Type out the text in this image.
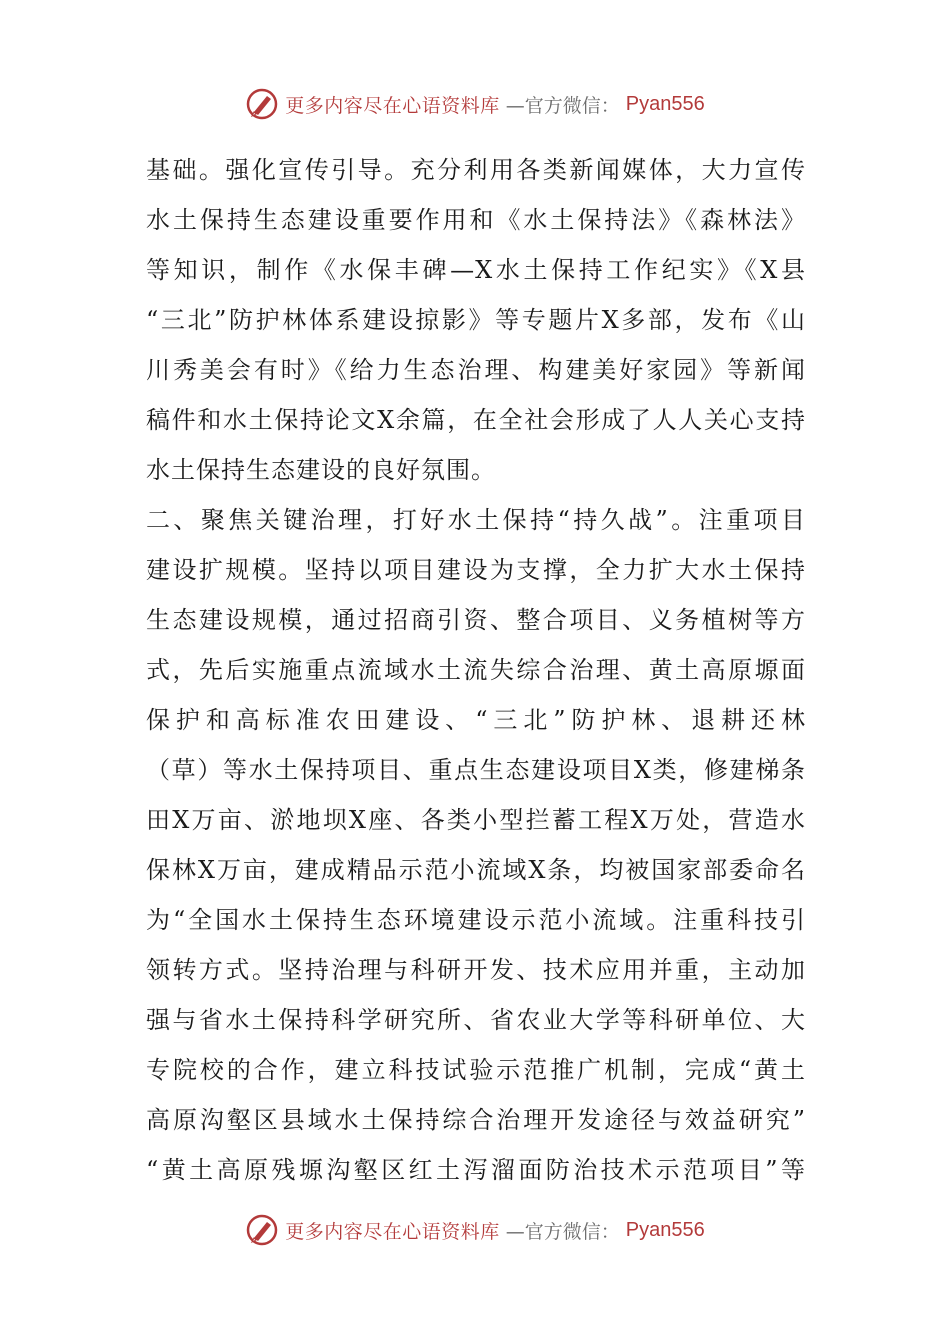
更多内容尽在心语资料库 —官方微信： Pyan556
基础。强化宣传引导。充分利用各类新闻媒体，大力宣传
水土保持生态建设重要作用和《水土保持法》《森林法》
等知识，制作《水保丰碑—X水土保持工作纪实》《X县
“三北”防护林体系建设掠影》等专题片X多部，发布《山
川秀美会有时》《给力生态治理、构建美好家园》等新闻
稿件和水土保持论文X余篇，在全社会形成了人人关心支持
水土保持生态建设的良好氛围。
二、聚焦关键治理，打好水土保持“持久战”。注重项目
建设扩规模。坚持以项目建设为支撑，全力扩大水土保持
生态建设规模，通过招商引资、整合项目、义务植树等方
式，先后实施重点流域水土流失综合治理、黄土高原塬面
保护和高标准农田建设、“三北”防护林、退耕还林
（草）等水土保持项目、重点生态建设项目X类，修建梯条
田X万亩、淤地坝X座、各类小型拦蓄工程X万处，营造水
保林X万亩，建成精品示范小流域X条，均被国家部委命名
为“全国水土保持生态环境建设示范小流域。注重科技引
领转方式。坚持治理与科研开发、技术应用并重，主动加
强与省水土保持科学研究所、省农业大学等科研单位、大
专院校的合作，建立科技试验示范推广机制，完成“黄土
高原沟壑区县域水土保持综合治理开发途径与效益研究”
“黄土高原残塬沟壑区红土泻溜面防治技术示范项目”等
更多内容尽在心语资料库 —官方微信： Pyan556
